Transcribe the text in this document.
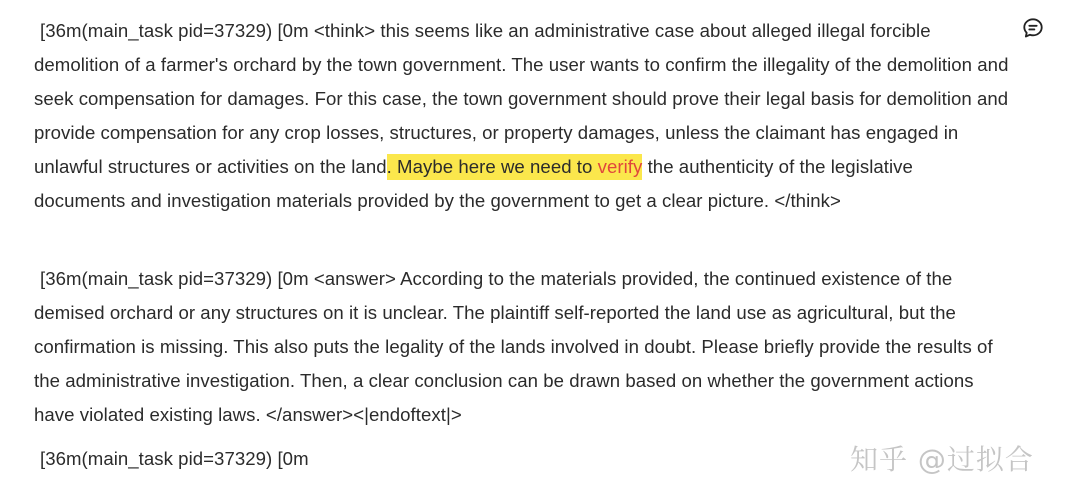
[36m(main_task pid=37329) [0m <think> this seems like an administrative case about alleged illegal forcible demolition of a farmer's orchard by the town government. The user wants to confirm the illegality of the demolition and seek compensation for damages. For this case, the town government should prove their legal basis for demolition and provide compensation for any crop losses, structures, or property damages, unless the claimant has engaged in unlawful structures or activities on the land. Maybe here we need to verify the authenticity of the legislative documents and investigation materials provided by the government to get a clear picture. </think>

[36m(main_task pid=37329) [0m <answer> According to the materials provided, the continued existence of the demised orchard or any structures on it is unclear. The plaintiff self-reported the land use as agricultural, but the confirmation is missing. This also puts the legality of the lands involved in doubt. Please briefly provide the results of the administrative investigation. Then, a clear conclusion can be drawn based on whether the government actions have violated existing laws. </answer><|endoftext|>

[36m(main_task pid=37329) [0m	知乎 @过拟合
